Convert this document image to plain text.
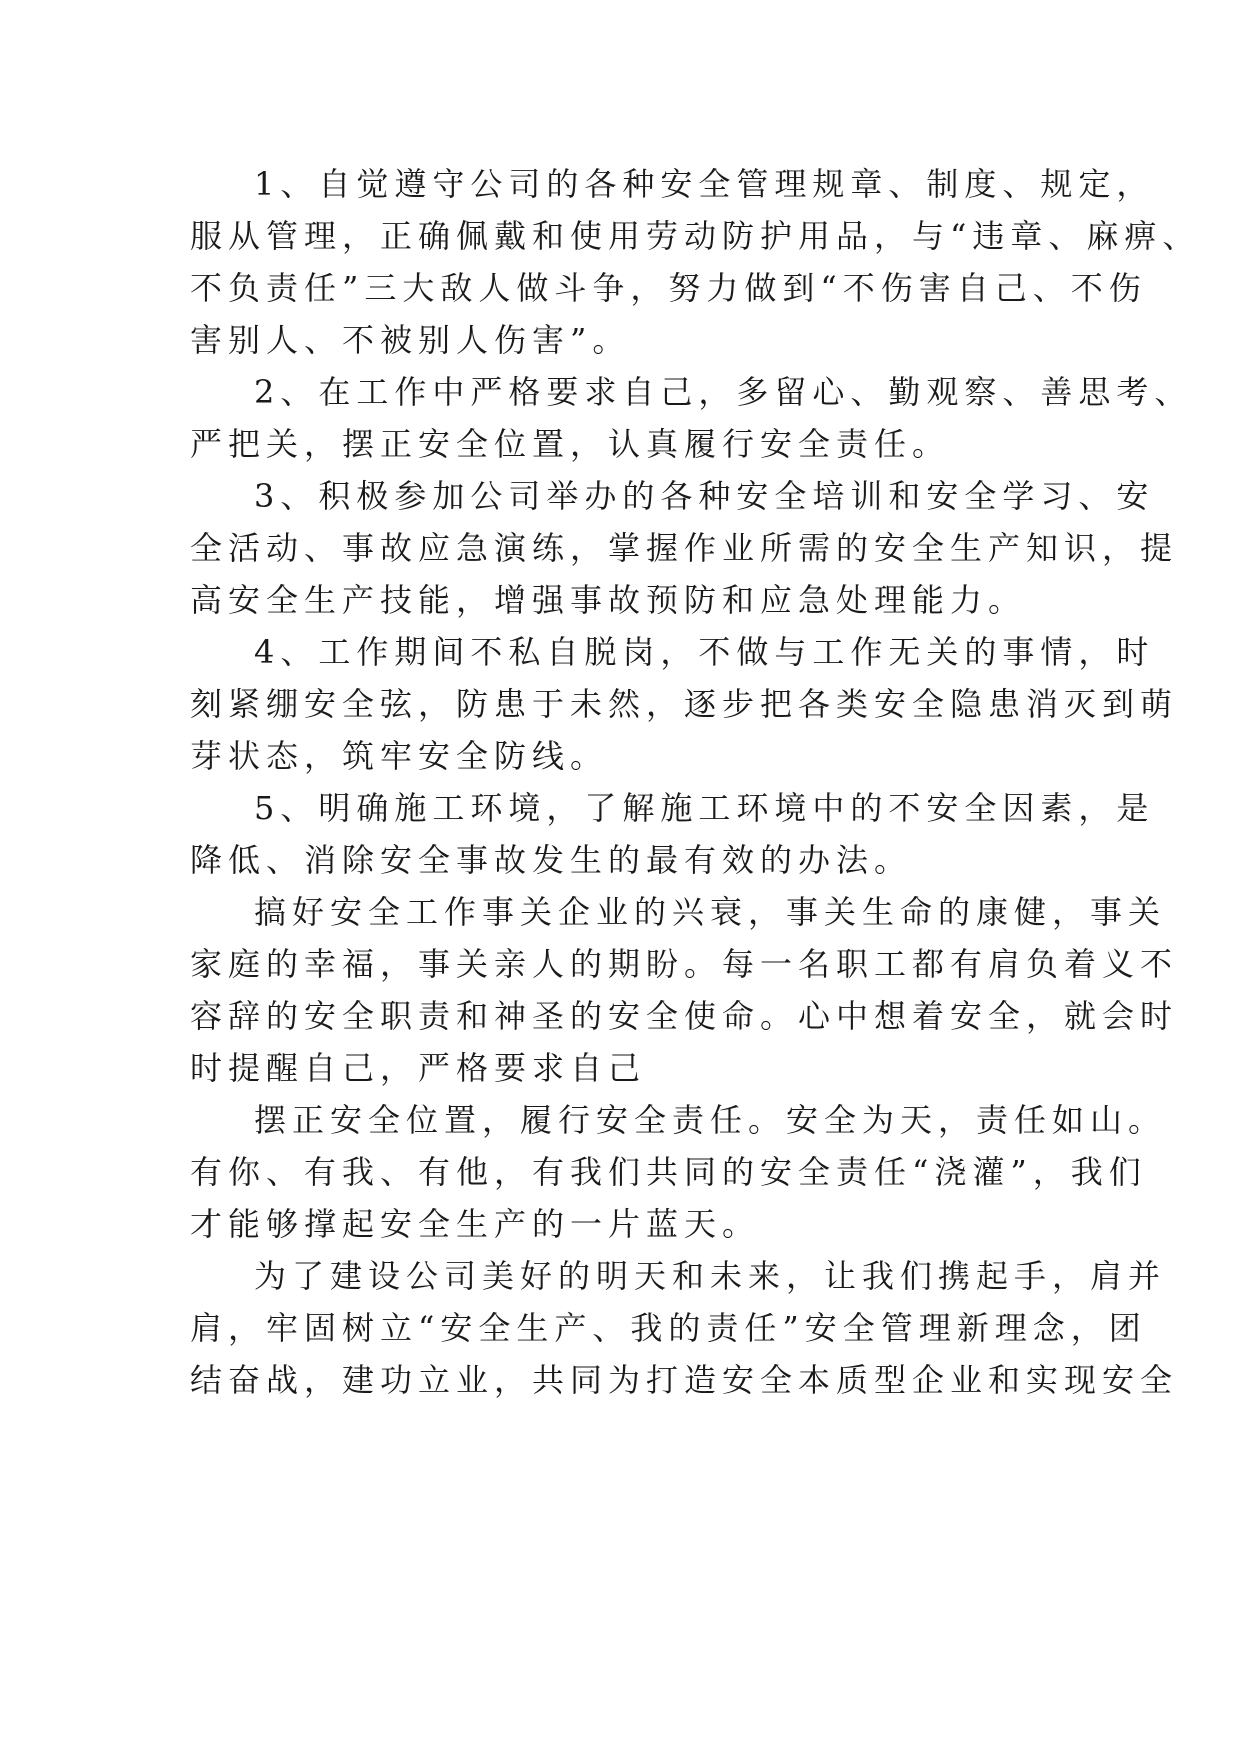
1、自觉遵守公司的各种安全管理规章、制度、规定，
服从管理，正确佩戴和使用劳动防护用品，与“违章、麻痹、
不负责任”三大敌人做斗争，努力做到“不伤害自己、不伤
害别人、不被别人伤害”。
2、在工作中严格要求自己，多留心、勤观察、善思考、
严把关，摆正安全位置，认真履行安全责任。
3、积极参加公司举办的各种安全培训和安全学习、安
全活动、事故应急演练，掌握作业所需的安全生产知识，提
高安全生产技能，增强事故预防和应急处理能力。
4、工作期间不私自脱岗，不做与工作无关的事情，时
刻紧绷安全弦，防患于未然，逐步把各类安全隐患消灭到萌
芽状态，筑牢安全防线。
5、明确施工环境，了解施工环境中的不安全因素，是
降低、消除安全事故发生的最有效的办法。
搞好安全工作事关企业的兴衰，事关生命的康健，事关
家庭的幸福，事关亲人的期盼。每一名职工都有肩负着义不
容辞的安全职责和神圣的安全使命。心中想着安全，就会时
时提醒自己，严格要求自己
摆正安全位置，履行安全责任。安全为天，责任如山。
有你、有我、有他，有我们共同的安全责任“浇灌”，我们
才能够撑起安全生产的一片蓝天。
为了建设公司美好的明天和未来，让我们携起手，肩并
肩，牢固树立“安全生产、我的责任”安全管理新理念，团
结奋战，建功立业，共同为打造安全本质型企业和实现安全
